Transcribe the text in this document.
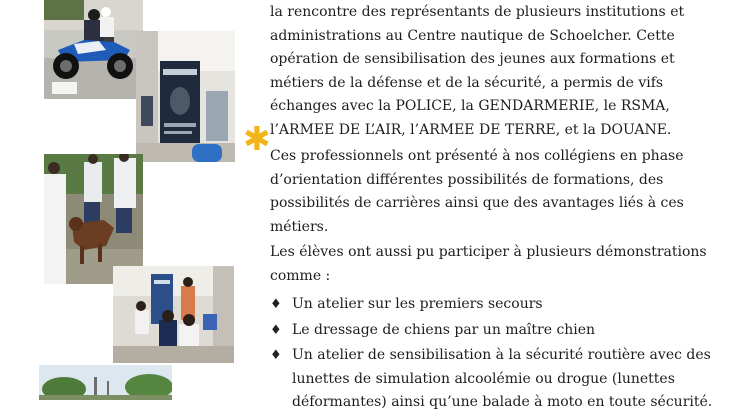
✱

la rencontre des représentants de plusieurs institutions et administrations au Centre nautique de Schoelcher. Cette opération de sensibilisation des jeunes aux formations et métiers de la défense et de la sécurité, a permis de vifs échanges avec la POLICE, la GENDARMERIE, le RSMA, l’ARMEE DE L’AIR, l’ARMEE DE TERRE, et la DOUANE.

Ces professionnels ont présenté à nos collégiens en phase d’orientation différentes possibilités de formations, des possibilités de carrières ainsi que des avantages liés à ces métiers.

Les élèves ont aussi pu participer à plusieurs démonstrations comme :

♦ Un atelier sur les premiers secours
♦ Le dressage de chiens par un maître chien
♦ Un atelier de sensibilisation à la sécurité routière avec des lunettes de simulation alcoolémie ou drogue (lunettes déformantes) ainsi qu’une balade à moto en toute sécurité.
